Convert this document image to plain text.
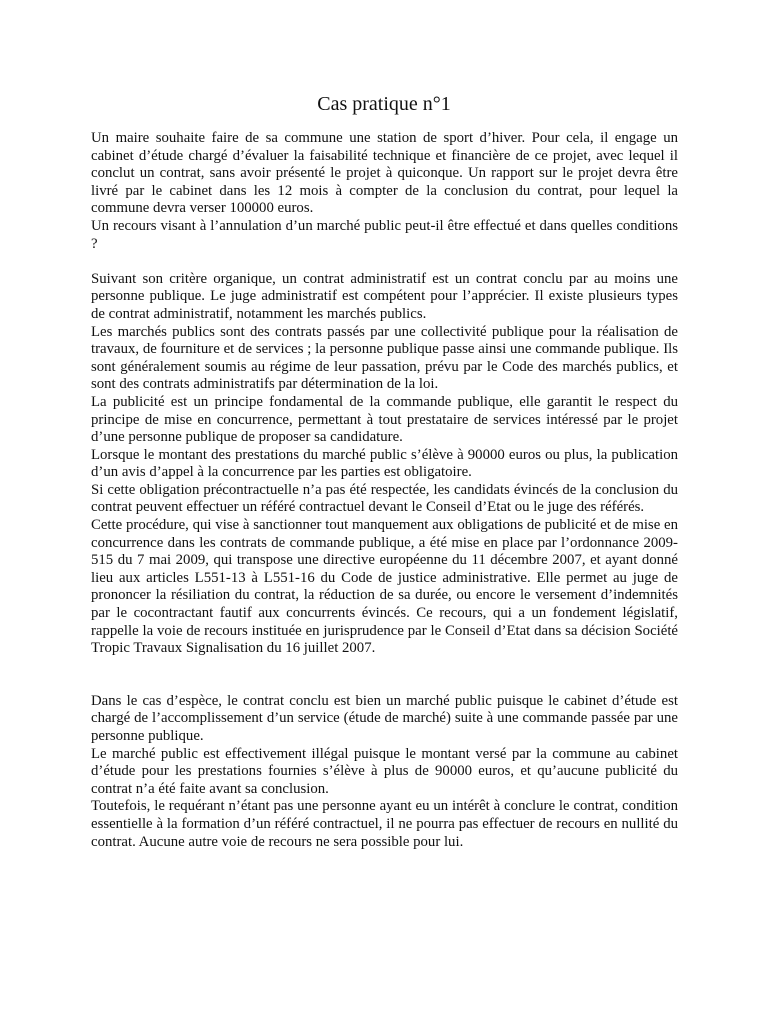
Cas pratique n°1

Un maire souhaite faire de sa commune une station de sport d’hiver. Pour cela, il engage un cabinet d’étude chargé d’évaluer la faisabilité technique et financière de ce projet, avec lequel il conclut un contrat, sans avoir présenté le projet à quiconque. Un rapport sur le projet devra être livré par le cabinet dans les 12 mois à compter de la conclusion du contrat, pour lequel la commune devra verser 100000 euros.

Un recours visant à l’annulation d’un marché public peut-il être effectué et dans quelles conditions ?

Suivant son critère organique, un contrat administratif est un contrat conclu par au moins une personne publique. Le juge administratif est compétent pour l’apprécier. Il existe plusieurs types de contrat administratif, notamment les marchés publics.

Les marchés publics sont des contrats passés par une collectivité publique pour la réalisation de travaux, de fourniture et de services ; la personne publique passe ainsi une commande publique. Ils sont généralement soumis au régime de leur passation, prévu par le Code des marchés publics, et sont des contrats administratifs par détermination de la loi.

La publicité est un principe fondamental de la commande publique, elle garantit le respect du principe de mise en concurrence, permettant à tout prestataire de services intéressé par le projet d’une personne publique de proposer sa candidature.

Lorsque le montant des prestations du marché public s’élève à 90000 euros ou plus, la publication d’un avis d’appel à la concurrence par les parties est obligatoire.

Si cette obligation précontractuelle n’a pas été respectée, les candidats évincés de la conclusion du contrat peuvent effectuer un référé contractuel devant le Conseil d’Etat ou le juge des référés.

Cette procédure, qui vise à sanctionner tout manquement aux obligations de publicité et de mise en concurrence dans les contrats de commande publique, a été mise en place par l’ordonnance 2009-515 du 7 mai 2009, qui transpose une directive européenne du 11 décembre 2007, et ayant donné lieu aux articles L551-13 à L551-16 du Code de justice administrative. Elle permet au juge de prononcer la résiliation du contrat, la réduction de sa durée, ou encore le versement d’indemnités par le cocontractant fautif aux concurrents évincés. Ce recours, qui a un fondement législatif, rappelle la voie de recours instituée en jurisprudence par le Conseil d’Etat dans sa décision Société Tropic Travaux Signalisation du 16 juillet 2007.

Dans le cas d’espèce, le contrat conclu est bien un marché public puisque le cabinet d’étude est chargé de l’accomplissement d’un service (étude de marché) suite à une commande passée par une personne publique.

Le marché public est effectivement illégal puisque le montant versé par la commune au cabinet d’étude pour les prestations fournies s’élève à plus de 90000 euros, et qu’aucune publicité du contrat n’a été faite avant sa conclusion.

Toutefois, le requérant n’étant pas une personne ayant eu un intérêt à conclure le contrat, condition essentielle à la formation d’un référé contractuel, il ne pourra pas effectuer de recours en nullité du contrat. Aucune autre voie de recours ne sera possible pour lui.
